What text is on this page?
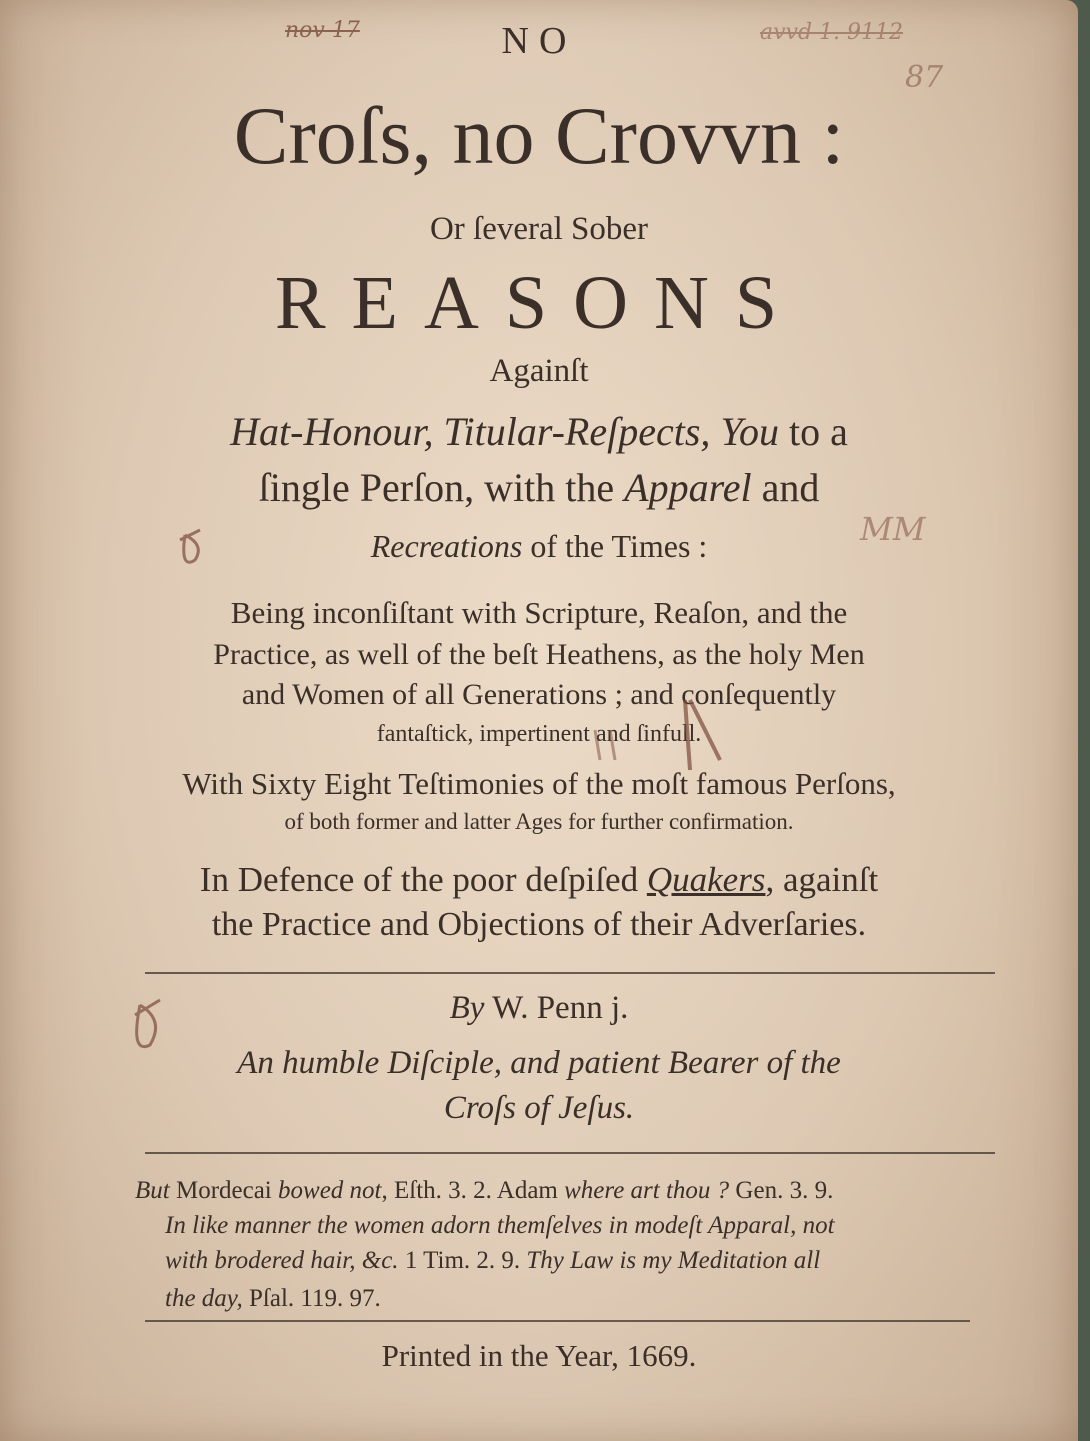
nov 17	avvd 1. 9112
87
MM
NO
Croſs, no Crovvn :
Or ſeveral Sober
REASONS
Againſt
Hat-Honour, Titular-Reſpects, You to a
ſingle Perſon, with the Apparel and
Recreations of the Times :
Being inconſiſtant with Scripture, Reaſon, and the
Practice, as well of the beſt Heathens, as the holy Men
and Women of all Generations ; and conſequently
fantaſtick, impertinent and ſinfull.
With Sixty Eight Teſtimonies of the moſt famous Perſons,
of both former and latter Ages for further confirmation.
In Defence of the poor deſpiſed Quakers, againſt
the Practice and Objections of their Adverſaries.
By W. Penn j.
An humble Diſciple, and patient Bearer of the
Croſs of Jeſus.
But Mordecai bowed not, Eſth. 3. 2. Adam where art thou ? Gen. 3. 9.
In like manner the women adorn themſelves in modeſt Apparal, not
with brodered hair, &c. 1 Tim. 2. 9. Thy Law is my Meditation all
the day, Pſal. 119. 97.
Printed in the Year, 1669.
